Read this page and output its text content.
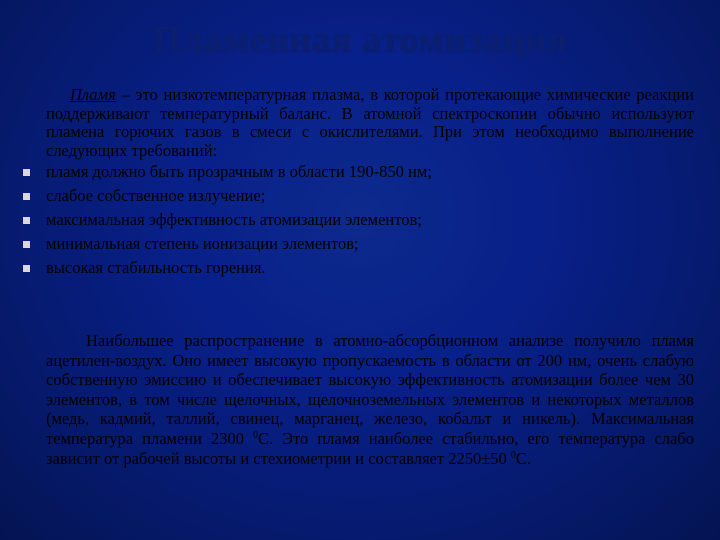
Пламенная атомизация

Пламя – это низкотемпературная плазма, в которой протекающие химические реакции поддерживают температурный баланс. В атомной спектроскопии обычно используют пламена горючих газов в смеси с окислителями. При этом необходимо выполнение следующих требований:

пламя должно быть прозрачным в области 190-850 нм;
слабое собственное излучение;
максимальная эффективность атомизации элементов;
минимальная степень ионизации элементов;
высокая стабильность горения.

Наибольшее распространение в атомно-абсорбционном анализе получило пламя ацетилен-воздух. Оно имеет высокую пропускаемость в области от 200 нм, очень слабую собственную эмиссию и обеспечивает высокую эффективность атомизации более чем 30 элементов, в том числе щелочных, щелочноземельных элементов и некоторых металлов (медь, кадмий, таллий, свинец, марганец, железо, кобальт и никель). Максимальная температура пламени 2300 $^0$С. Это пламя наиболее стабильно, его температура слабо зависит от рабочей высоты и стехиометрии и составляет 2250±50 $^0$С.
